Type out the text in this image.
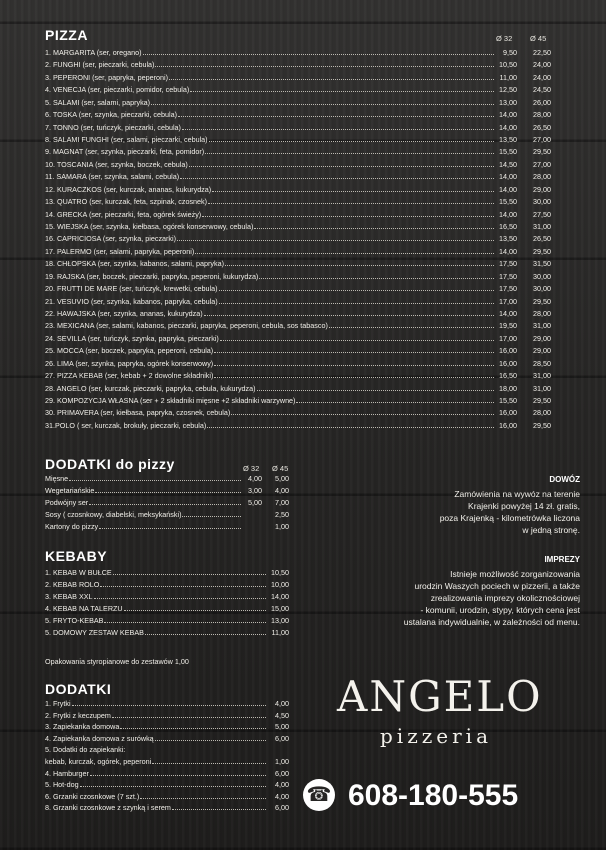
PIZZA	Ø 32 Ø 45
1. MARGARITA (ser, oregano)	9,50	22,50
2. FUNGHI (ser, pieczarki, cebula)	10,50	24,00
3. PEPERONI (ser, papryka, peperoni)	11,00	24,00
4. VENECJA (ser, pieczarki, pomidor, cebula)	12,50	24,50
5. SALAMI (ser, salami, papryka)	13,00	26,00
6. TOSKA (ser, szynka, pieczarki, cebula)	14,00	28,00
7. TONNO (ser, tuńczyk, pieczarki, cebula)	14,00	26,50
8. SALAMI FUNGHI (ser, salami, pieczarki, cebula)	13,50	27,00
9. MAGNAT (ser, szynka, pieczarki, feta, pomidor)	15,50	29,50
10. TOSCANIA (ser, szynka, boczek, cebula)	14,50	27,00
11. SAMARA (ser, szynka, salami, cebula)	14,00	28,00
12. KURACZKOS (ser, kurczak, ananas, kukurydza)	14,00	29,00
13. QUATRO (ser, kurczak, feta, szpinak, czosnek)	15,50	30,00
14. GRECKA (ser, pieczarki, feta, ogórek świeży)	14,00	27,50
15. WIEJSKA (ser, szynka, kiełbasa, ogórek konserwowy, cebula)	16,50	31,00
16. CAPRICIOSA (ser, szynka, pieczarki)	13,50	26,50
17. PALERMO (ser, salami, papryka, peperoni)	14,00	29,50
18. CHŁOPSKA (ser, szynka, kabanos, salami, papryka)	17,50	31,50
19. RAJSKA (ser, boczek, pieczarki, papryka, peperoni, kukurydza)	17,50	30,00
20. FRUTTI DE MARE (ser, tuńczyk, krewetki, cebula)	17,50	30,00
21. VESUVIO (ser, szynka, kabanos, papryka, cebula)	17,00	29,50
22. HAWAJSKA (ser, szynka, ananas, kukurydza)	14,00	28,00
23. MEXICANA (ser, salami, kabanos, pieczarki, papryka, peperoni, cebula, sos tabasco)	19,50	31,00
24. SEVILLA (ser, tuńczyk, szynka, papryka, pieczarki)	17,00	29,00
25. MOCCA (ser, boczek, papryka, peperoni, cebula)	16,00	29,00
26. LIMA (ser, szynka, papryka, ogórek konserwowy)	16,00	28,50
27. PIZZA KEBAB (ser, kebab + 2 dowolne składniki)	16,50	31,00
28. ANGELO (ser, kurczak, pieczarki, papryka, cebula, kukurydza)	18,00	31,00
29. KOMPOZYCJA WŁASNA (ser + 2 składniki mięsne +2 składniki warzywne)	15,50	29,50
30. PRIMAVERA (ser, kiełbasa, papryka, czosnek, cebula)	16,00	28,00
31.POLO ( ser, kurczak, brokuły, pieczarki, cebula)	16,00	29,50
DODATKI do pizzy	Ø 32 Ø 45
Mięsne	4,00	5,00
Wegetariańskie	3,00	4,00
Podwójny ser	5,00	7,00
Sosy ( czosnkowy, diabelski, meksykański)	2,50
Kartony do pizzy	1,00
KEBABY
1. KEBAB W BUŁCE	10,50
2. KEBAB ROLO	10,00
3. KEBAB XXL	14,00
4. KEBAB NA TALERZU	15,00
5. FRYTO-KEBAB	13,00
5. DOMOWY ZESTAW KEBAB	11,00
Opakowania styropianowe do zestawów 1,00
DODATKI
1. Frytki	4,00
2. Frytki z keczupem	4,50
3. Zapiekanka domowa	5,00
4. Zapiekanka domowa z surówką	6,00
5. Dodatki do zapiekanki:
kebab, kurczak, ogórek, peperoni	1,00
4. Hamburger	6,00
5. Hot-dog	4,00
6. Grzanki czosnkowe (7 szt.)	4,00
8. Grzanki czosnkowe z szynką i serem	6,00
DOWÓZ
Zamówienia na wywóz na terenie
Krajenki powyżej 14 zł. gratis,
poza Krajenką - kilometrówka liczona
w jedną stronę.
IMPREZY
Istnieje możliwość zorganizowania
urodzin Waszych pociech w pizzerii, a także
zrealizowania imprezy okolicznościowej
- komunii, urodzin, stypy, których cena jest
ustalana indywidualnie, w zależności od menu.
ANGELO
pizzeria
☎ 608-180-555
